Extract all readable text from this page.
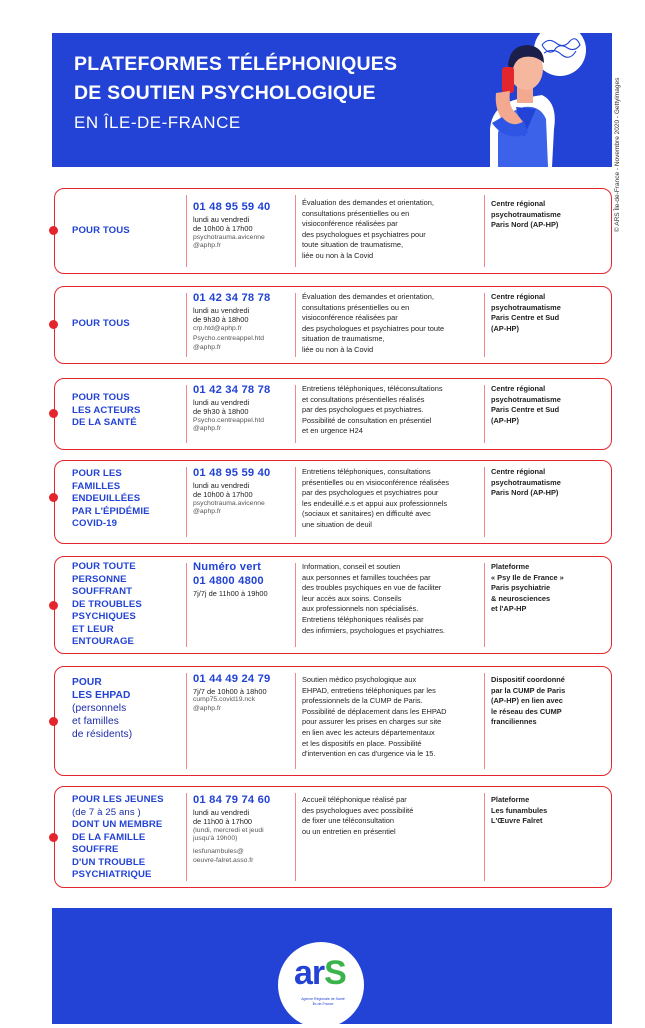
PLATEFORMES TÉLÉPHONIQUES
DE SOUTIEN PSYCHOLOGIQUE
EN ÎLE-DE-FRANCE	© ARS Île-de-France - Novembre 2020 - Gettyimages
POUR TOUS
01 48 95 59 40
lundi au vendredi
de 10h00 à 17h00
psychotrauma.avicenne
@aphp.fr
Évaluation des demandes et orientation,
consultations présentielles ou en
visioconférence réalisées par
des psychologues et psychiatres pour
toute situation de traumatisme,
liée ou non à la Covid
Centre régional
psychotraumatisme
Paris Nord (AP-HP)
POUR TOUS
01 42 34 78 78
lundi au vendredi
de 9h30 à 18h00
crp.htd@aphp.fr
Psycho.centreappel.htd
@aphp.fr
Évaluation des demandes et orientation,
consultations présentielles ou en
visioconférence réalisées par
des psychologues et psychiatres pour toute
situation de traumatisme,
liée ou non à la Covid
Centre régional
psychotraumatisme
Paris Centre et Sud
(AP-HP)
POUR TOUS
LES ACTEURS
DE LA SANTÉ
01 42 34 78 78
lundi au vendredi
de 9h30 à 18h00
Psycho.centreappel.htd
@aphp.fr
Entretiens téléphoniques, téléconsultations
et consultations présentielles réalisés
par des psychologues et psychiatres.
Possibilité de consultation en présentiel
et en urgence H24
Centre régional
psychotraumatisme
Paris Centre et Sud
(AP-HP)
POUR LES
FAMILLES
ENDEUILLÉES
PAR L'ÉPIDÉMIE
COVID-19
01 48 95 59 40
lundi au vendredi
de 10h00 à 17h00
psychotrauma.avicenne
@aphp.fr
Entretiens téléphoniques, consultations
présentielles ou en visioconférence réalisées
par des psychologues et psychiatres pour
les endeuillé.e.s et appui aux professionnels
(sociaux et sanitaires) en difficulté avec
une situation de deuil
Centre régional
psychotraumatisme
Paris Nord (AP-HP)
POUR TOUTE
PERSONNE
SOUFFRANT
DE TROUBLES
PSYCHIQUES
ET LEUR
ENTOURAGE
Numéro vert
01 4800 4800
7j/7j de 11h00 à 19h00
Information, conseil et soutien
aux personnes et familles touchées par
des troubles psychiques en vue de faciliter
leur accès aux soins. Conseils
aux professionnels non spécialisés.
Entretiens téléphoniques réalisés par
des infirmiers, psychologues et psychiatres.
Plateforme
« Psy Ile de France »
Paris psychiatrie
& neurosciences
et l'AP-HP
POUR
LES EHPAD
(personnels
et familles
de résidents)
01 44 49 24 79
7j/7 de 10h00 à 18h00
cump75.covid19.nck
@aphp.fr
Soutien médico psychologique aux
EHPAD, entretiens téléphoniques par les
professionnels de la CUMP de Paris.
Possibilité de déplacement dans les EHPAD
pour assurer les prises en charges sur site
en lien avec les acteurs départementaux
et les dispositifs en place. Possibilité
d'intervention en cas d'urgence via le 15.
Dispositif coordonné
par la CUMP de Paris
(AP-HP) en lien avec
le réseau des CUMP
franciliennes
POUR LES JEUNES
(de 7 à 25 ans )
DONT UN MEMBRE
DE LA FAMILLE
SOUFFRE
D'UN TROUBLE
PSYCHIATRIQUE
01 84 79 74 60
lundi au vendredi
de 11h00 à 17h00
(lundi, mercredi et jeudi
jusqu'à 19h00)
lesfunambules@
oeuvre-falret.asso.fr
Accueil téléphonique réalisé par
des psychologues avec possibilité
de fixer une téléconsultation
ou un entretien en présentiel
Plateforme
Les funambules
L'Œuvre Falret
arS
Agence Régionale de Santé
Île-de-France
